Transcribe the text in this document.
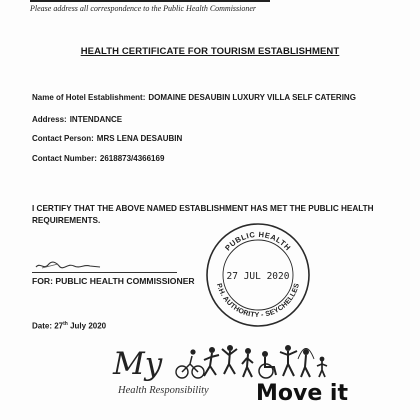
Please address all correspondence to the Public Health Commissioner
HEALTH CERTIFICATE FOR TOURISM ESTABLISHMENT
Name of Hotel Establishment: DOMAINE DESAUBIN LUXURY VILLA SELF CATERING
Address: INTENDANCE
Contact Person: MRS LENA DESAUBIN
Contact Number: 2618873/4366169
I CERTIFY THAT THE ABOVE NAMED ESTABLISHMENT HAS MET THE PUBLIC HEALTH REQUIREMENTS.
FOR: PUBLIC HEALTH COMMISSIONER
Date: 27th July 2020
PUBLIC HEALTH
P.H. AUTHORITY - SEYCHELLES
27 JUL 2020
My
Health Responsibility Move it
